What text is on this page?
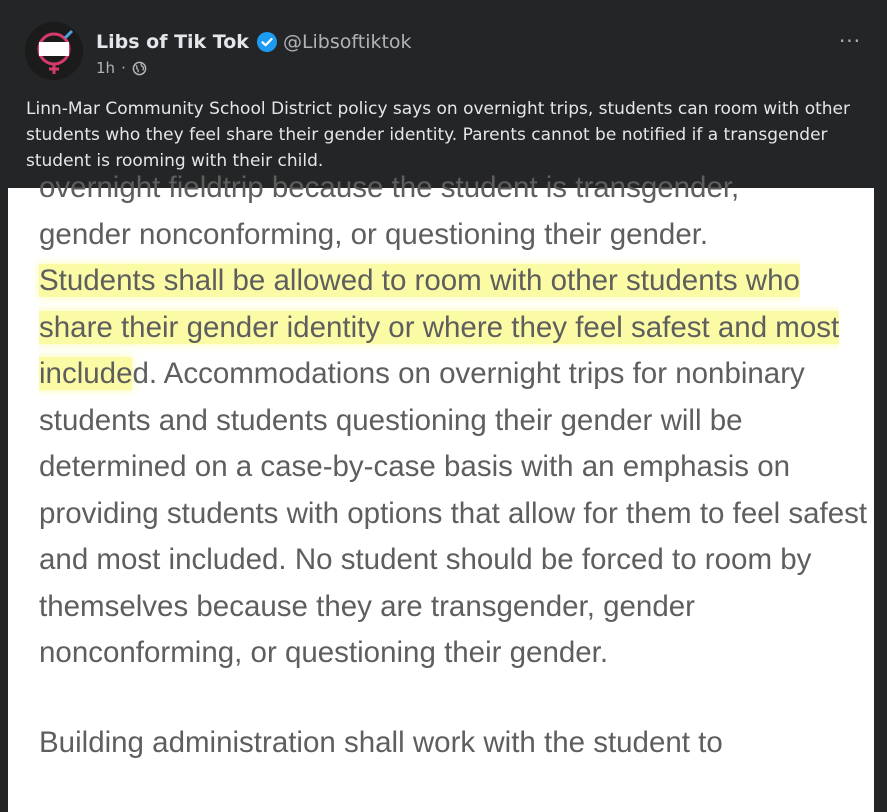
Libs of Tik Tok @Libsoftiktok
1h ·
···
Linn-Mar Community School District policy says on overnight trips, students can room with other students who they feel share their gender identity. Parents cannot be notified if a transgender student is rooming with their child.

overnight fieldtrip because the student is transgender,
gender nonconforming, or questioning their gender.
Students shall be allowed to room with other students who share their gender identity or where they feel safest and most included. Accommodations on overnight trips for nonbinary students and students questioning their gender will be determined on a case-by-case basis with an emphasis on providing students with options that allow for them to feel safest and most included. No student should be forced to room by themselves because they are transgender, gender nonconforming, or questioning their gender.

Building administration shall work with the student to
